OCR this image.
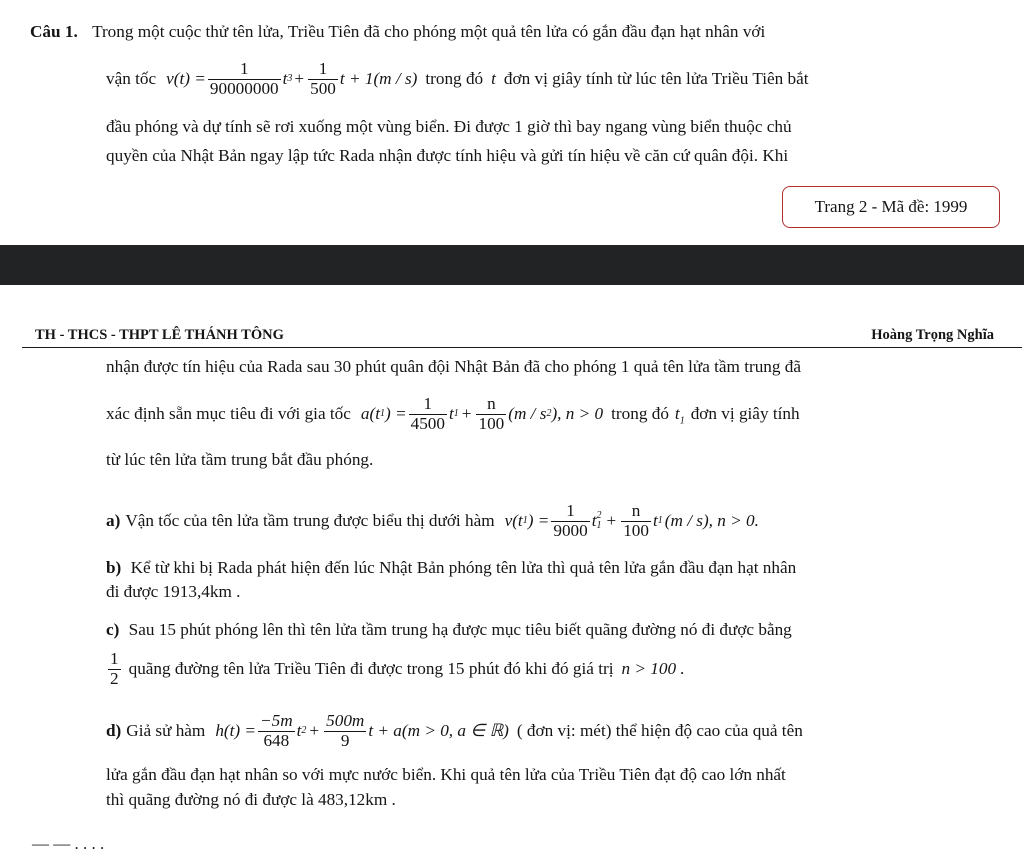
Câu 1. Trong một cuộc thử tên lửa, Triều Tiên đã cho phóng một quả tên lửa có gắn đầu đạn hạt nhân với
vận tốc $v(t) = \frac{1}{90000000}$ t $3 + \frac{1}{500}$ t + 1(m / s) trong đó t đơn vị giây tính từ lúc tên lửa Triều Tiên bắt
đầu phóng và dự tính sẽ rơi xuống một vùng biển. Đi được 1 giờ thì bay ngang vùng biển thuộc chủ
quyền của Nhật Bản ngay lập tức Rada nhận được tính hiệu và gửi tín hiệu về căn cứ quân đội. Khi
Trang 2 - Mã đề: 1999
TH - THCS - THPT LÊ THÁNH TÔNG	Hoàng Trọng Nghĩa
nhận được tín hiệu của Rada sau 30 phút quân đội Nhật Bản đã cho phóng 1 quả tên lửa tầm trung đã
xác định sẵn mục tiêu đi với gia tốc a(t 1 ) = $\frac{1}{4500}$ t $1 + \frac{n}{100} (m / s$ 2 ), n > 0 trong đó $t_1$ đơn vị giây tính
từ lúc tên lửa tầm trung bắt đầu phóng.
a) Vận tốc của tên lửa tầm trung được biểu thị dưới hàm v(t 1 ) = $\frac{1}{9000}$ t 2
$1 + \frac{n}{100}$ t 1 (m / s), n > 0.
b) Kể từ khi bị Rada phát hiện đến lúc Nhật Bản phóng tên lửa thì quả tên lửa gắn đầu đạn hạt nhân
đi được 1913,4km .
c) Sau 15 phút phóng lên thì tên lửa tầm trung hạ được mục tiêu biết quãng đường nó đi được bằng
$\frac{1}{2}$ quãng đường tên lửa Triều Tiên đi được trong 15 phút đó khi đó giá trị n > 100 .
d) Giả sử hàm $h(t) = \frac{-5m}{648}$ t $2 + \frac{500m}{9}$ t + a(m > 0, a ∈ ℝ) ( đơn vị: mét) thể hiện độ cao của quả tên
lửa gắn đầu đạn hạt nhân so với mực nước biển. Khi quả tên lửa của Triều Tiên đạt độ cao lớn nhất
thì quãng đường nó đi được là 483,12km .
— — . . . .
